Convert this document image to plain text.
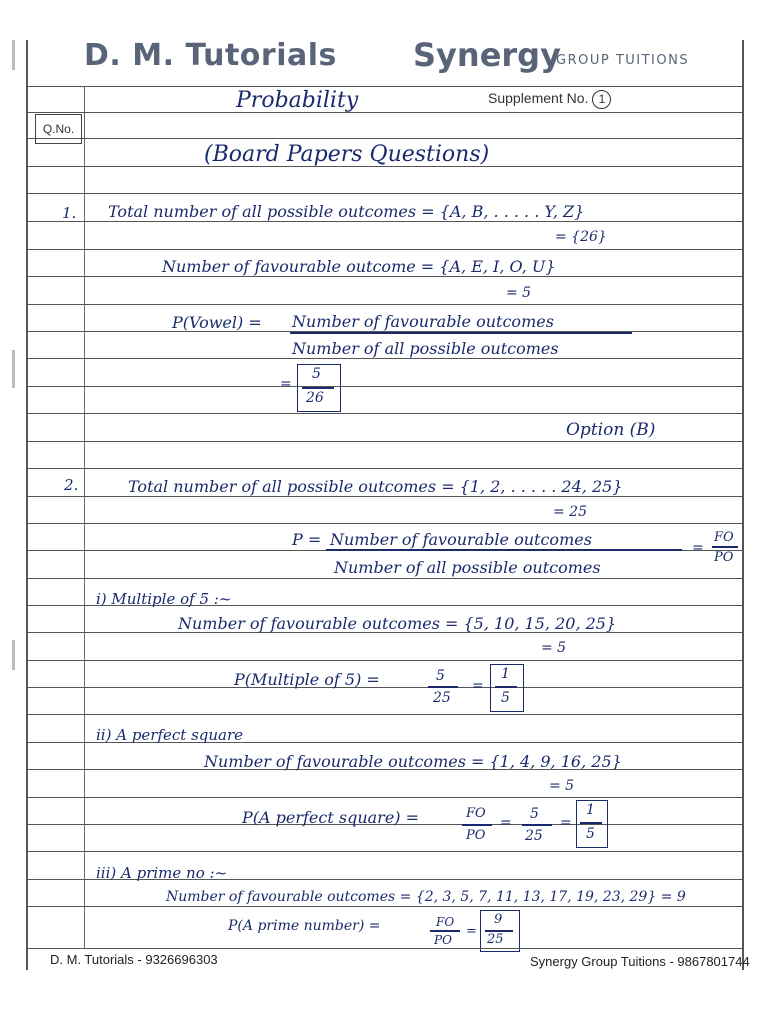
D. M. Tutorials Synergy
GROUP TUITIONS
Probability	Supplement No. 1
Q.No.
(Board Papers Questions)
1. Total number of all possible outcomes = {A, B, . . . . . Y, Z}
= {26}
Number of favourable outcome = {A, E, I, O, U}
= 5
P(Vowel) = Number of favourable outcomes
Number of all possible outcomes
=
5
26
Option (B)
2.	Total number of all possible outcomes = {1, 2, . . . . . 24, 25}
= 25
P = Number of favourable outcomes
Number of all possible outcomes
=
FO
PO
i) Multiple of 5 :~
Number of favourable outcomes = {5, 10, 15, 20, 25}
= 5
P(Multiple of 5) =	5
25
=
1
5
ii) A perfect square
Number of favourable outcomes = {1, 4, 9, 16, 25}
= 5
P(A perfect square) =	FO
PO
=
5
25
=
1
5
iii) A prime no :~
Number of favourable outcomes = {2, 3, 5, 7, 11, 13, 17, 19, 23, 29} = 9
P(A prime number) =	FO
PO
=
9
25
D. M. Tutorials - 9326696303	Synergy Group Tuitions - 9867801744
